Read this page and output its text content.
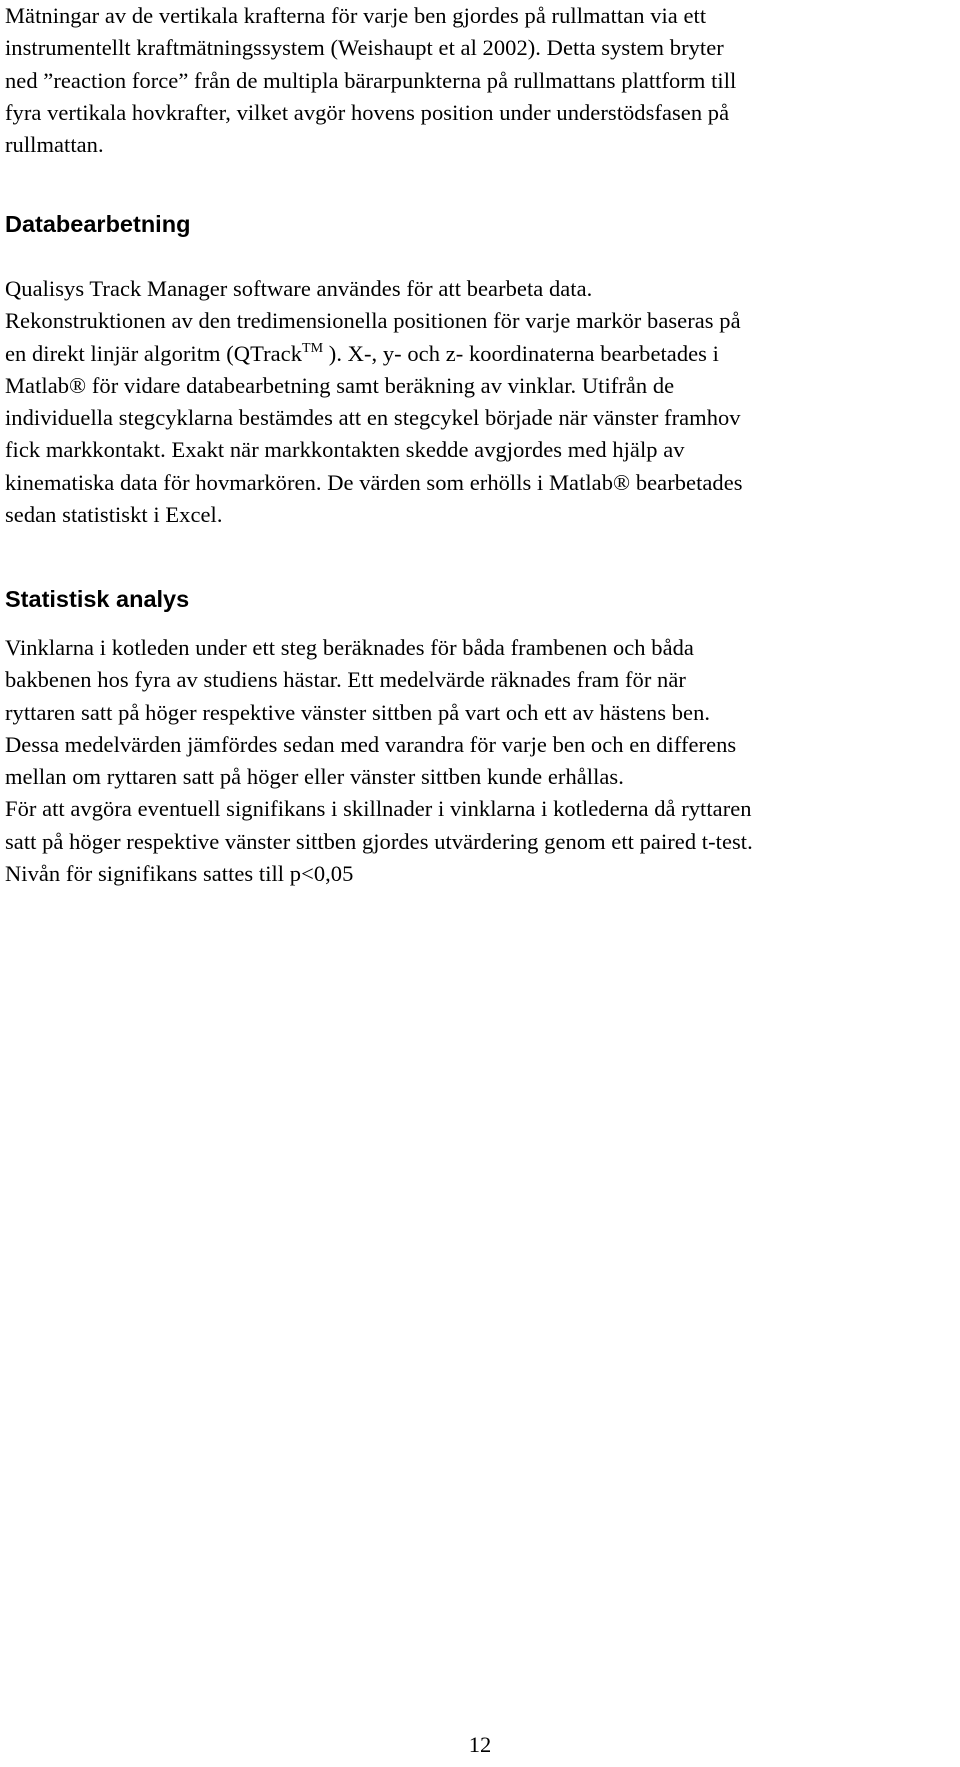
Mätningar av de vertikala krafterna för varje ben gjordes på rullmattan via ett
instrumentellt kraftmätningssystem (Weishaupt et al 2002). Detta system bryter
ned ”reaction force” från de multipla bärarpunkterna på rullmattans plattform till
fyra vertikala hovkrafter, vilket avgör hovens position under understödsfasen på
rullmattan.

Databearbetning

Qualisys Track Manager software användes för att bearbeta data.
Rekonstruktionen av den tredimensionella positionen för varje markör baseras på
en direkt linjär algoritm (QTrack™ ). X-, y- och z- koordinaterna bearbetades i
Matlab® för vidare databearbetning samt beräkning av vinklar. Utifrån de
individuella stegcyklarna bestämdes att en stegcykel började när vänster framhov
fick markkontakt. Exakt när markkontakten skedde avgjordes med hjälp av
kinematiska data för hovmarkören. De värden som erhölls i Matlab® bearbetades
sedan statistiskt i Excel.

Statistisk analys

Vinklarna i kotleden under ett steg beräknades för båda frambenen och båda
bakbenen hos fyra av studiens hästar. Ett medelvärde räknades fram för när
ryttaren satt på höger respektive vänster sittben på vart och ett av hästens ben.
Dessa medelvärden jämfördes sedan med varandra för varje ben och en differens
mellan om ryttaren satt på höger eller vänster sittben kunde erhållas.
För att avgöra eventuell signifikans i skillnader i vinklarna i kotlederna då ryttaren
satt på höger respektive vänster sittben gjordes utvärdering genom ett paired t-test.
Nivån för signifikans sattes till p<0,05

12
